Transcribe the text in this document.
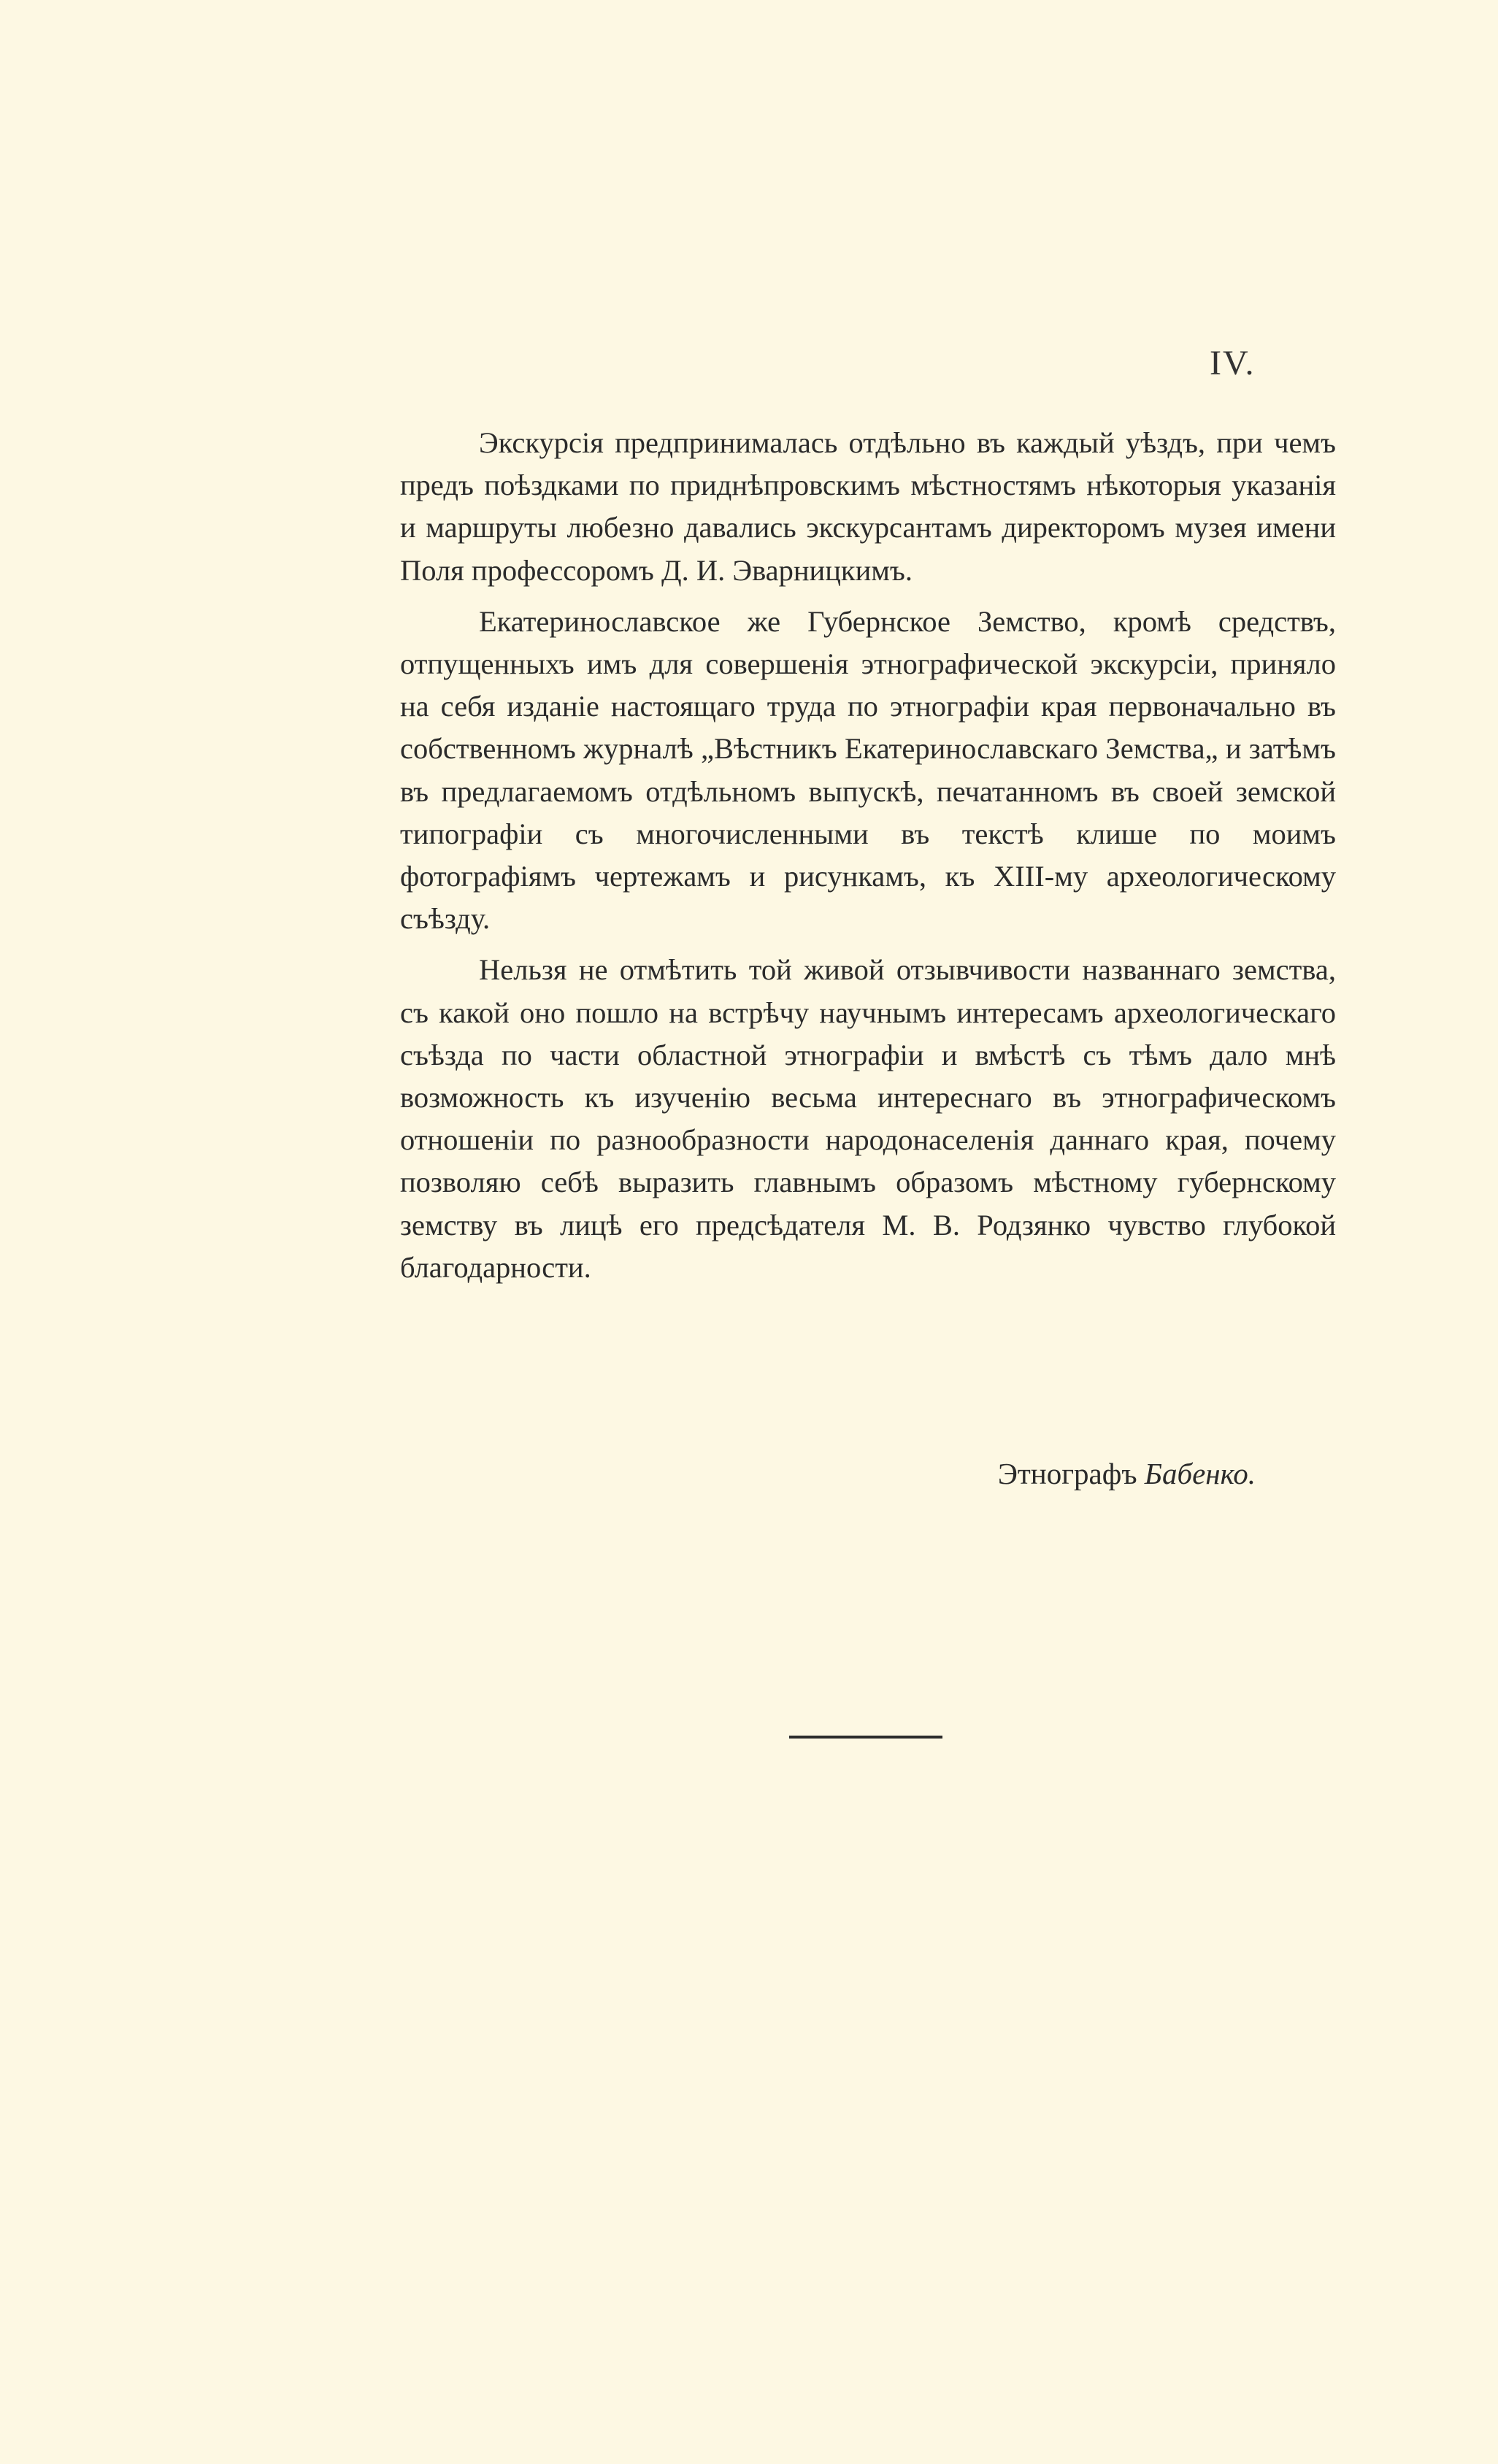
IV.

Экскурсія предпринималась отдѣльно въ каждый уѣздъ, при чемъ предъ поѣздками по приднѣпровскимъ мѣстностямъ нѣкоторыя указанія и маршруты любезно давались экскурсантамъ директоромъ музея имени Поля профессоромъ Д. И. Эварницкимъ.

Екатеринославское же Губернское Земство, кромѣ средствъ, отпущенныхъ имъ для совершенія этнографической экскурсіи, приняло на себя изданіе настоящаго труда по этнографіи края первоначально въ собственномъ журналѣ „Вѣстникъ Екатеринославскаго Земства„ и затѣмъ въ предлагаемомъ отдѣльномъ выпускѣ, печатанномъ въ своей земской типографіи съ многочисленными въ текстѣ клише по моимъ фотографіямъ чертежамъ и рисункамъ, къ XIII-му археологическому съѣзду.

Нельзя не отмѣтить той живой отзывчивости названнаго земства, съ какой оно пошло на встрѣчу научнымъ интересамъ археологическаго съѣзда по части областной этнографіи и вмѣстѣ съ тѣмъ дало мнѣ возможность къ изученію весьма интереснаго въ этнографическомъ отношеніи по разнообразности народонаселенія даннаго края, почему позволяю себѣ выразить главнымъ образомъ мѣстному губернскому земству въ лицѣ его предсѣдателя М. В. Родзянко чувство глубокой благодарности.

Этнографъ Бабенко.
